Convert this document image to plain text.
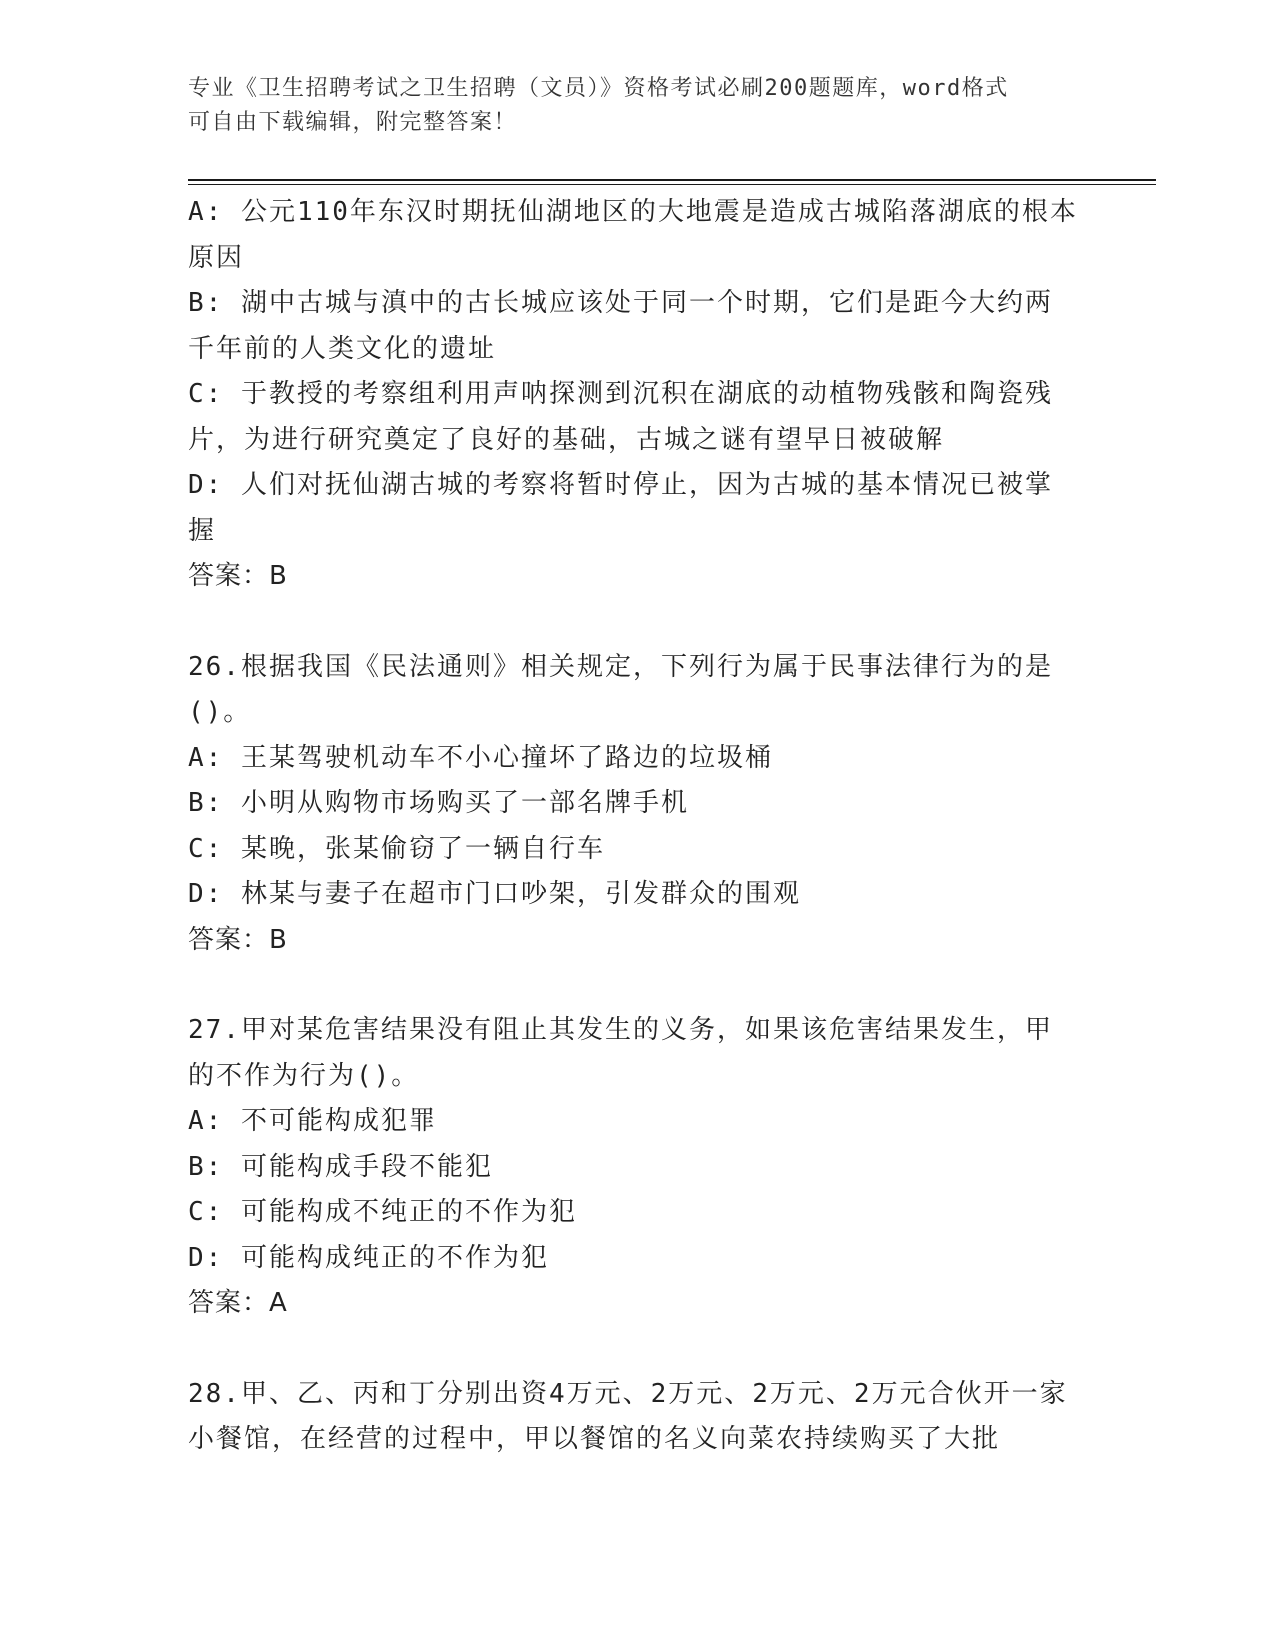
专业《卫生招聘考试之卫生招聘（文员）》资格考试必刷200题题库，word格式
可自由下载编辑，附完整答案！

A: 公元110年东汉时期抚仙湖地区的大地震是造成古城陷落湖底的根本原因

B: 湖中古城与滇中的古长城应该处于同一个时期，它们是距今大约两千年前的人类文化的遗址

C: 于教授的考察组利用声呐探测到沉积在湖底的动植物残骸和陶瓷残片，为进行研究奠定了良好的基础，古城之谜有望早日被破解

D: 人们对抚仙湖古城的考察将暂时停止，因为古城的基本情况已被掌握

答案：B

26.根据我国《民法通则》相关规定，下列行为属于民事法律行为的是()。

A: 王某驾驶机动车不小心撞坏了路边的垃圾桶

B: 小明从购物市场购买了一部名牌手机

C: 某晚，张某偷窃了一辆自行车

D: 林某与妻子在超市门口吵架，引发群众的围观

答案：B

27.甲对某危害结果没有阻止其发生的义务，如果该危害结果发生，甲的不作为行为()。

A: 不可能构成犯罪

B: 可能构成手段不能犯

C: 可能构成不纯正的不作为犯

D: 可能构成纯正的不作为犯

答案：A

28.甲、乙、丙和丁分别出资4万元、2万元、2万元、2万元合伙开一家小餐馆，在经营的过程中，甲以餐馆的名义向菜农持续购买了大批
